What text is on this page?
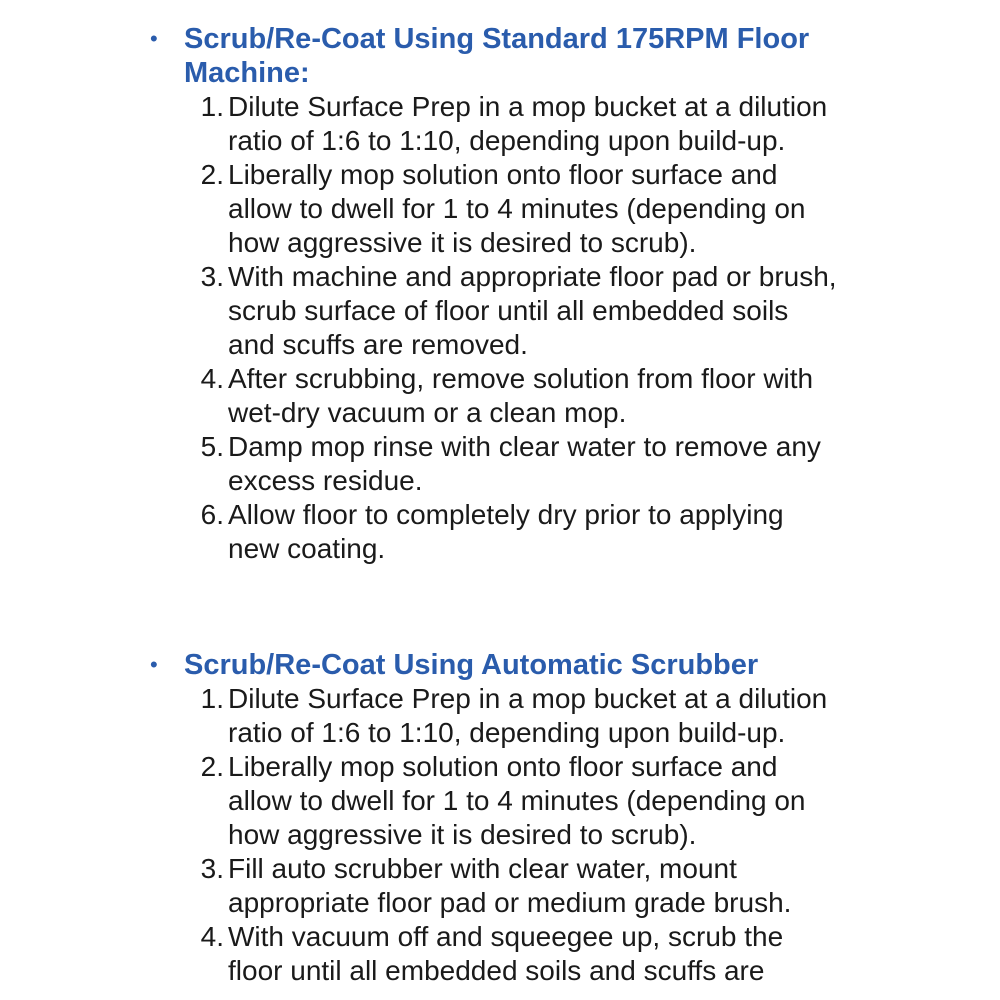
• Scrub/Re-Coat Using Standard 175RPM Floor Machine:
1. Dilute Surface Prep in a mop bucket at a dilution ratio of 1:6 to 1:10, depending upon build-up.
2. Liberally mop solution onto floor surface and allow to dwell for 1 to 4 minutes (depending on how aggressive it is desired to scrub).
3. With machine and appropriate floor pad or brush, scrub surface of floor until all embedded soils and scuffs are removed.
4. After scrubbing, remove solution from floor with wet-dry vacuum or a clean mop.
5. Damp mop rinse with clear water to remove any excess residue.
6. Allow floor to completely dry prior to applying new coating.
• Scrub/Re-Coat Using Automatic Scrubber
1. Dilute Surface Prep in a mop bucket at a dilution ratio of 1:6 to 1:10, depending upon build-up.
2. Liberally mop solution onto floor surface and allow to dwell for 1 to 4 minutes (depending on how aggressive it is desired to scrub).
3. Fill auto scrubber with clear water, mount appropriate floor pad or medium grade brush.
4. With vacuum off and squeegee up, scrub the floor until all embedded soils and scuffs are
